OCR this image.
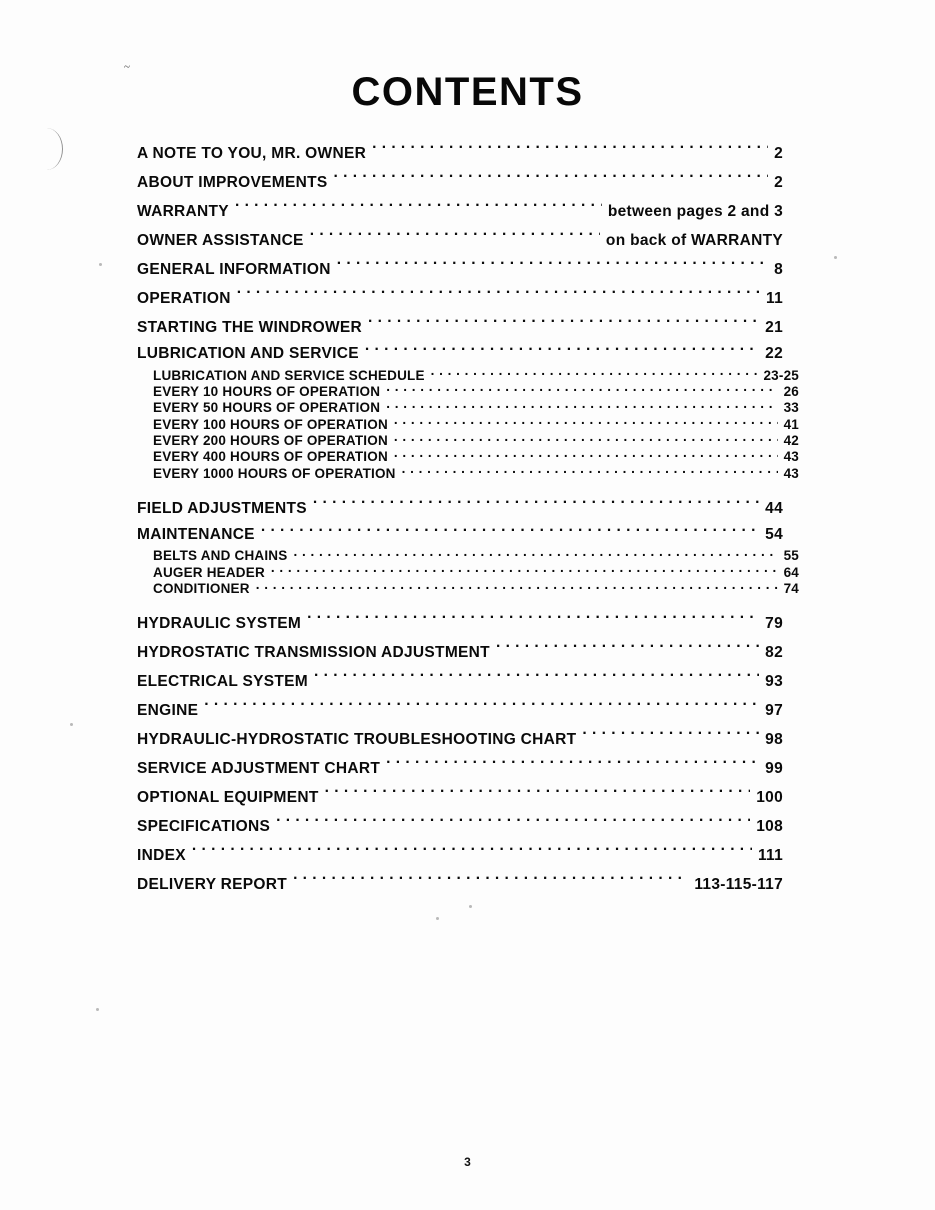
CONTENTS
A NOTE TO YOU, MR. OWNER . . .	2
ABOUT IMPROVEMENTS . . .	2
WARRANTY . . .	between pages 2 and 3
OWNER ASSISTANCE . . .	on back of WARRANTY
GENERAL INFORMATION . . .	8
OPERATION . . .	11
STARTING THE WINDROWER . . .	21
LUBRICATION AND SERVICE . . .	22
LUBRICATION AND SERVICE SCHEDULE . . .	23-25
EVERY 10 HOURS OF OPERATION . . .	26
EVERY 50 HOURS OF OPERATION . . .	33
EVERY 100 HOURS OF OPERATION . . .	41
EVERY 200 HOURS OF OPERATION . . .	42
EVERY 400 HOURS OF OPERATION . . .	43
EVERY 1000 HOURS OF OPERATION . . .	43
FIELD ADJUSTMENTS . . .	44
MAINTENANCE . . .	54
BELTS AND CHAINS . . .	55
AUGER HEADER . . .	64
CONDITIONER . . .	74
HYDRAULIC SYSTEM . . .	79
HYDROSTATIC TRANSMISSION ADJUSTMENT . . .	82
ELECTRICAL SYSTEM . . .	93
ENGINE . . .	97
HYDRAULIC-HYDROSTATIC TROUBLESHOOTING CHART . . .	98
SERVICE ADJUSTMENT CHART . . .	99
OPTIONAL EQUIPMENT . . .	100
SPECIFICATIONS . . .	108
INDEX . . .	111
DELIVERY REPORT . . .	113-115-117
3
~
